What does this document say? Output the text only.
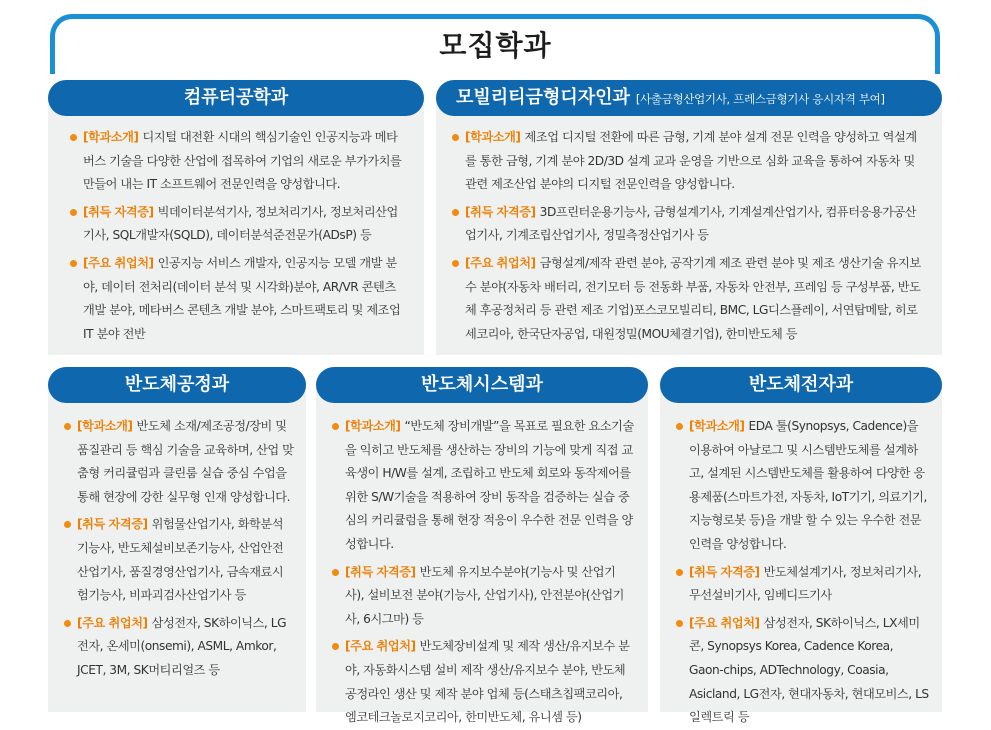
모집학과
컴퓨터공학과
[학과소개] 디지털 대전환 시대의 핵심기술인 인공지능과 메타버스 기술을 다양한 산업에 접목하여 기업의 새로운 부가가치를 만들어 내는 IT 소프트웨어 전문인력을 양성합니다.
[취득 자격증] 빅데이터분석기사, 정보처리기사, 정보처리산업기사, SQL개발자(SQLD), 데이터분석준전문가(ADsP) 등
[주요 취업처] 인공지능 서비스 개발자, 인공지능 모델 개발 분야, 데이터 전처리(데이터 분석 및 시각화)분야, AR/VR 콘텐츠 개발 분야, 메타버스 콘텐츠 개발 분야, 스마트팩토리 및 제조업 IT 분야 전반
모빌리티금형디자인과 [사출금형산업기사, 프레스금형기사 응시자격 부여]
[학과소개] 제조업 디지털 전환에 따른 금형, 기계 분야 설계 전문 인력을 양성하고 역설계를 통한 금형, 기계 분야 2D/3D 설계 교과 운영을 기반으로 심화 교육을 통하여 자동차 및 관련 제조산업 분야의 디지털 전문인력을 양성합니다.
[취득 자격증] 3D프린터운용기능사, 금형설계기사, 기계설계산업기사, 컴퓨터응용가공산업기사, 기계조립산업기사, 정밀측정산업기사 등
[주요 취업처] 금형설계/제작 관련 분야, 공작기계 제조 관련 분야 및 제조 생산기술 유지보수 분야(자동차 배터리, 전기모터 등 전동화 부품, 자동차 안전부, 프레임 등 구성부품, 반도체 후공정처리 등 관련 제조 기업)포스코모빌리티, BMC, LG디스플레이, 서연탑메탈, 히로세코리아, 한국단자공업, 대원정밀(MOU체결기업), 한미반도체 등
반도체공정과
[학과소개] 반도체 소재/제조공정/장비 및 품질관리 등 핵심 기술을 교육하며, 산업 맞춤형 커리큘럼과 클린룸 실습 중심 수업을 통해 현장에 강한 실무형 인재 양성합니다.
[취득 자격증] 위험물산업기사, 화학분석기능사, 반도체설비보존기능사, 산업안전산업기사, 품질경영산업기사, 금속재료시험기능사, 비파괴검사산업기사 등
[주요 취업처] 삼성전자, SK하이닉스, LG전자, 온세미(onsemi), ASML, Amkor, JCET, 3M, SK머티리얼즈 등
반도체시스템과
[학과소개] “반도체 장비개발”을 목표로 필요한 요소기술을 익히고 반도체를 생산하는 장비의 기능에 맞게 직접 교육생이 H/W를 설계, 조립하고 반도체 회로와 동작제어를 위한 S/W기술을 적용하여 장비 동작을 검증하는 실습 중심의 커리큘럼을 통해 현장 적응이 우수한 전문 인력을 양성합니다.
[취득 자격증] 반도체 유지보수분야(기능사 및 산업기사), 설비보전 분야(기능사, 산업기사), 안전분야(산업기사, 6시그마) 등
[주요 취업처] 반도체장비설계 및 제작 생산/유지보수 분야, 자동화시스템 설비 제작 생산/유지보수 분야, 반도체 공정라인 생산 및 제작 분야 업체 등(스태츠칩팩코리아, 엠코테크놀로지코리아, 한미반도체, 유니셈 등)
반도체전자과
[학과소개] EDA 툴(Synopsys, Cadence)을 이용하여 아날로그 및 시스템반도체를 설계하고, 설계된 시스템반도체를 활용하여 다양한 응용제품(스마트가전, 자동차, IoT기기, 의료기기, 지능형로봇 등)을 개발 할 수 있는 우수한 전문인력을 양성합니다.
[취득 자격증] 반도체설계기사, 정보처리기사, 무선설비기사, 임베디드기사
[주요 취업처] 삼성전자, SK하이닉스, LX세미콘, Synopsys Korea, Cadence Korea, Gaon-chips, ADTechnology, Coasia, Asicland, LG전자, 현대자동차, 현대모비스, LS일렉트릭 등
